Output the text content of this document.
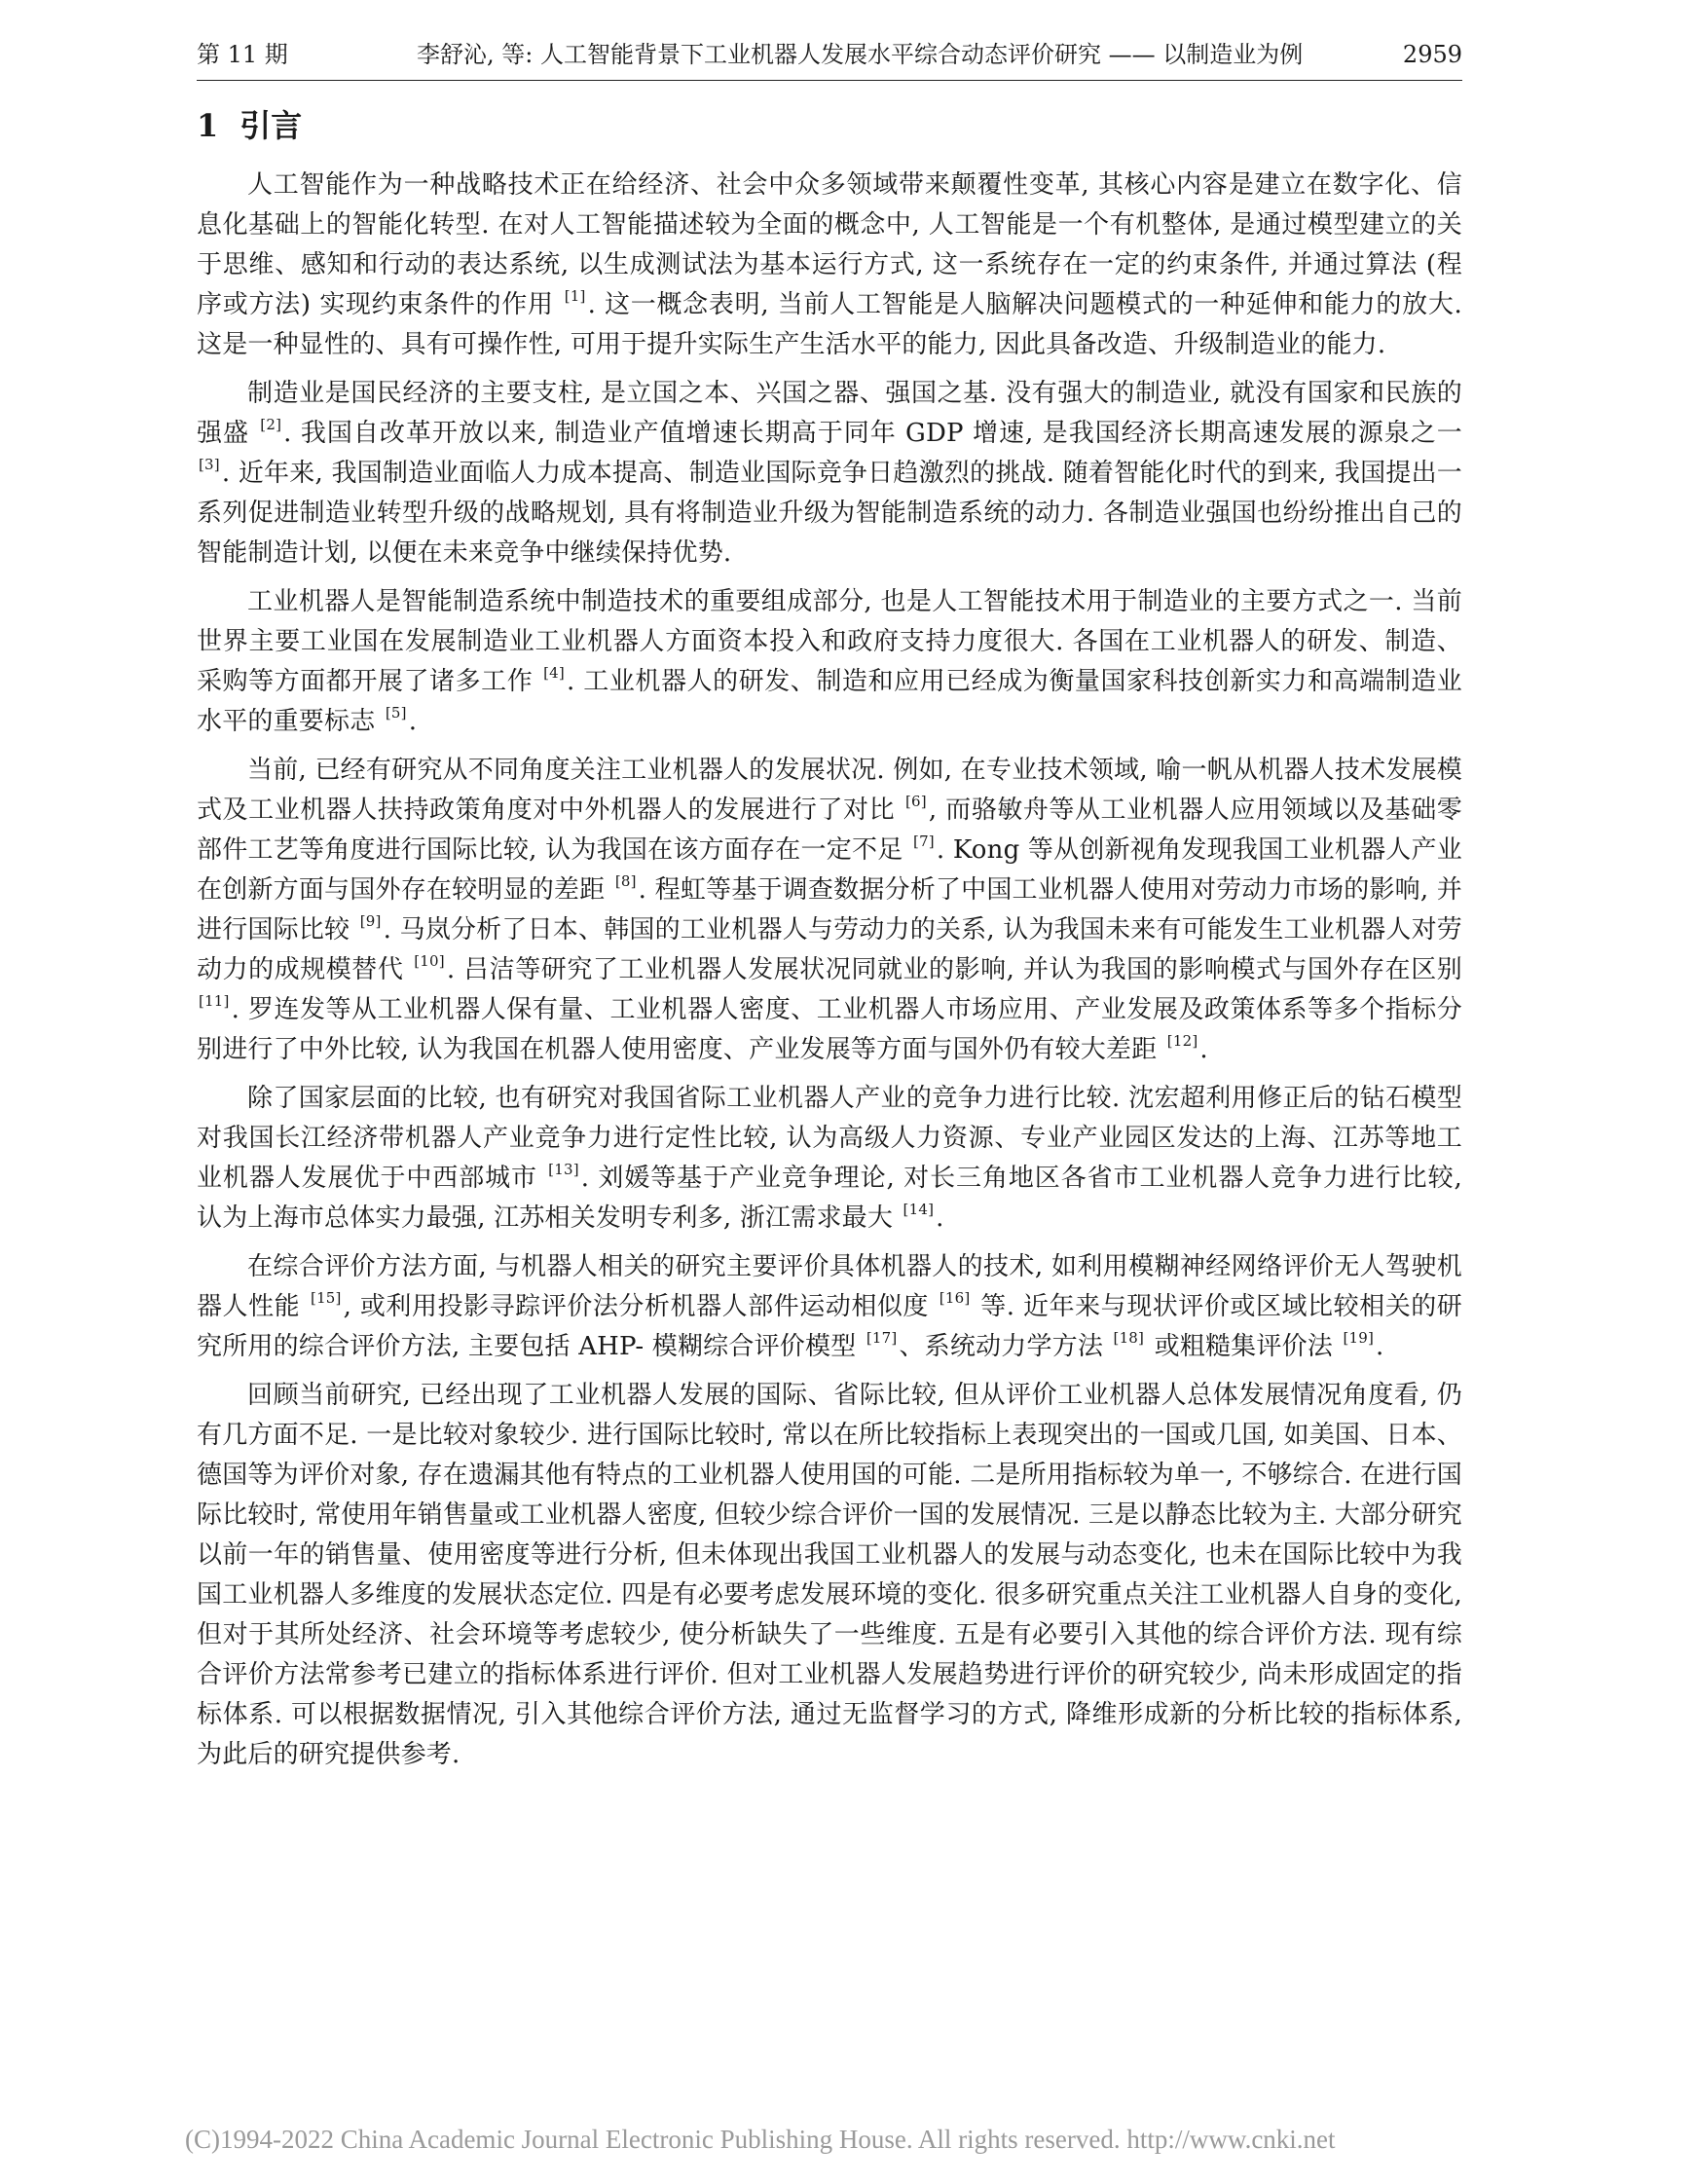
第 11 期	李舒沁, 等: 人工智能背景下工业机器人发展水平综合动态评价研究 —— 以制造业为例	2959
1 引言

人工智能作为一种战略技术正在给经济、社会中众多领域带来颠覆性变革, 其核心内容是建立在数字化、信息化基础上的智能化转型. 在对人工智能描述较为全面的概念中, 人工智能是一个有机整体, 是通过模型建立的关于思维、感知和行动的表达系统, 以生成测试法为基本运行方式, 这一系统存在一定的约束条件, 并通过算法 (程序或方法) 实现约束条件的作用 [1]. 这一概念表明, 当前人工智能是人脑解决问题模式的一种延伸和能力的放大. 这是一种显性的、具有可操作性, 可用于提升实际生产生活水平的能力, 因此具备改造、升级制造业的能力.

制造业是国民经济的主要支柱, 是立国之本、兴国之器、强国之基. 没有强大的制造业, 就没有国家和民族的强盛 [2]. 我国自改革开放以来, 制造业产值增速长期高于同年 GDP 增速, 是我国经济长期高速发展的源泉之一 [3]. 近年来, 我国制造业面临人力成本提高、制造业国际竞争日趋激烈的挑战. 随着智能化时代的到来, 我国提出一系列促进制造业转型升级的战略规划, 具有将制造业升级为智能制造系统的动力. 各制造业强国也纷纷推出自己的智能制造计划, 以便在未来竞争中继续保持优势.

工业机器人是智能制造系统中制造技术的重要组成部分, 也是人工智能技术用于制造业的主要方式之一. 当前世界主要工业国在发展制造业工业机器人方面资本投入和政府支持力度很大. 各国在工业机器人的研发、制造、采购等方面都开展了诸多工作 [4]. 工业机器人的研发、制造和应用已经成为衡量国家科技创新实力和高端制造业水平的重要标志 [5].

当前, 已经有研究从不同角度关注工业机器人的发展状况. 例如, 在专业技术领域, 喻一帆从机器人技术发展模式及工业机器人扶持政策角度对中外机器人的发展进行了对比 [6], 而骆敏舟等从工业机器人应用领域以及基础零部件工艺等角度进行国际比较, 认为我国在该方面存在一定不足 [7]. Kong 等从创新视角发现我国工业机器人产业在创新方面与国外存在较明显的差距 [8]. 程虹等基于调查数据分析了中国工业机器人使用对劳动力市场的影响, 并进行国际比较 [9]. 马岚分析了日本、韩国的工业机器人与劳动力的关系, 认为我国未来有可能发生工业机器人对劳动力的成规模替代 [10]. 吕洁等研究了工业机器人发展状况同就业的影响, 并认为我国的影响模式与国外存在区别 [11]. 罗连发等从工业机器人保有量、工业机器人密度、工业机器人市场应用、产业发展及政策体系等多个指标分别进行了中外比较, 认为我国在机器人使用密度、产业发展等方面与国外仍有较大差距 [12].

除了国家层面的比较, 也有研究对我国省际工业机器人产业的竞争力进行比较. 沈宏超利用修正后的钻石模型对我国长江经济带机器人产业竞争力进行定性比较, 认为高级人力资源、专业产业园区发达的上海、江苏等地工业机器人发展优于中西部城市 [13]. 刘媛等基于产业竞争理论, 对长三角地区各省市工业机器人竞争力进行比较, 认为上海市总体实力最强, 江苏相关发明专利多, 浙江需求最大 [14].

在综合评价方法方面, 与机器人相关的研究主要评价具体机器人的技术, 如利用模糊神经网络评价无人驾驶机器人性能 [15], 或利用投影寻踪评价法分析机器人部件运动相似度 [16] 等. 近年来与现状评价或区域比较相关的研究所用的综合评价方法, 主要包括 AHP- 模糊综合评价模型 [17]、系统动力学方法 [18] 或粗糙集评价法 [19].

回顾当前研究, 已经出现了工业机器人发展的国际、省际比较, 但从评价工业机器人总体发展情况角度看, 仍有几方面不足. 一是比较对象较少. 进行国际比较时, 常以在所比较指标上表现突出的一国或几国, 如美国、日本、德国等为评价对象, 存在遗漏其他有特点的工业机器人使用国的可能. 二是所用指标较为单一, 不够综合. 在进行国际比较时, 常使用年销售量或工业机器人密度, 但较少综合评价一国的发展情况. 三是以静态比较为主. 大部分研究以前一年的销售量、使用密度等进行分析, 但未体现出我国工业机器人的发展与动态变化, 也未在国际比较中为我国工业机器人多维度的发展状态定位. 四是有必要考虑发展环境的变化. 很多研究重点关注工业机器人自身的变化, 但对于其所处经济、社会环境等考虑较少, 使分析缺失了一些维度. 五是有必要引入其他的综合评价方法. 现有综合评价方法常参考已建立的指标体系进行评价. 但对工业机器人发展趋势进行评价的研究较少, 尚未形成固定的指标体系. 可以根据数据情况, 引入其他综合评价方法, 通过无监督学习的方式, 降维形成新的分析比较的指标体系, 为此后的研究提供参考.

(C)1994-2022 China Academic Journal Electronic Publishing House. All rights reserved. http://www.cnki.net
